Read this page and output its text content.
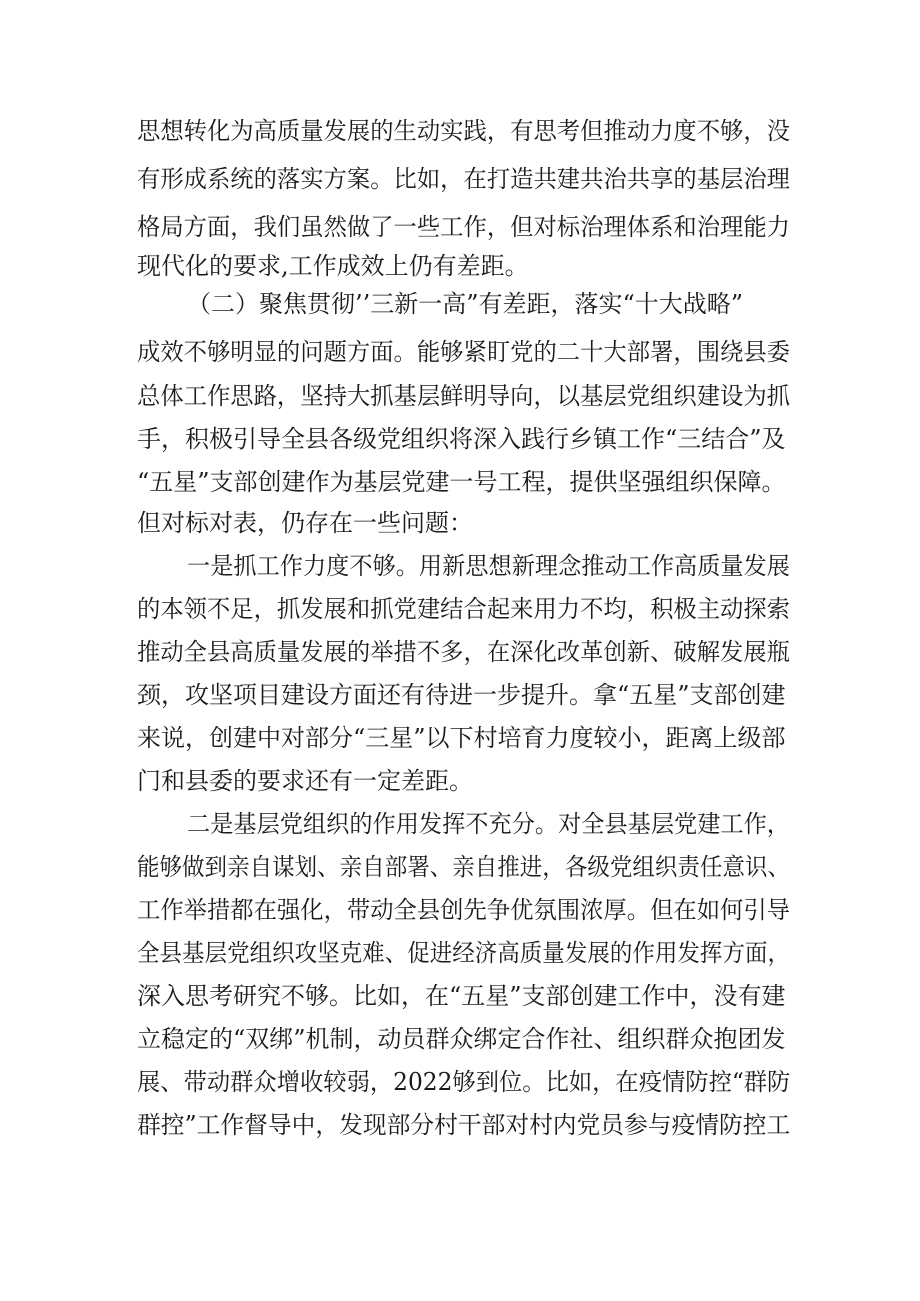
思想转化为高质量发展的生动实践，有思考但推动力度不够，没
有形成系统的落实方案。比如，在打造共建共治共享的基层治理
格局方面，我们虽然做了一些工作，但对标治理体系和治理能力
现代化的要求,工作成效上仍有差距。
（二）聚焦贯彻’’三新一高”有差距，落实“十大战略”
成效不够明显的问题方面。能够紧盯党的二十大部署，围绕县委
总体工作思路，坚持大抓基层鲜明导向，以基层党组织建设为抓
手，积极引导全县各级党组织将深入践行乡镇工作“三结合”及
“五星”支部创建作为基层党建一号工程，提供坚强组织保障。
但对标对表，仍存在一些问题：
一是抓工作力度不够。用新思想新理念推动工作高质量发展
的本领不足，抓发展和抓党建结合起来用力不均，积极主动探索
推动全县高质量发展的举措不多，在深化改革创新、破解发展瓶
颈，攻坚项目建设方面还有待进一步提升。拿“五星”支部创建
来说，创建中对部分“三星”以下村培育力度较小，距离上级部
门和县委的要求还有一定差距。
二是基层党组织的作用发挥不充分。对全县基层党建工作，
能够做到亲自谋划、亲自部署、亲自推进，各级党组织责任意识、
工作举措都在强化，带动全县创先争优氛围浓厚。但在如何引导
全县基层党组织攻坚克难、促进经济高质量发展的作用发挥方面，
深入思考研究不够。比如，在“五星”支部创建工作中，没有建
立稳定的“双绑”机制，动员群众绑定合作社、组织群众抱团发
展、带动群众增收较弱，2022够到位。比如，在疫情防控“群防
群控”工作督导中，发现部分村干部对村内党员参与疫情防控工
